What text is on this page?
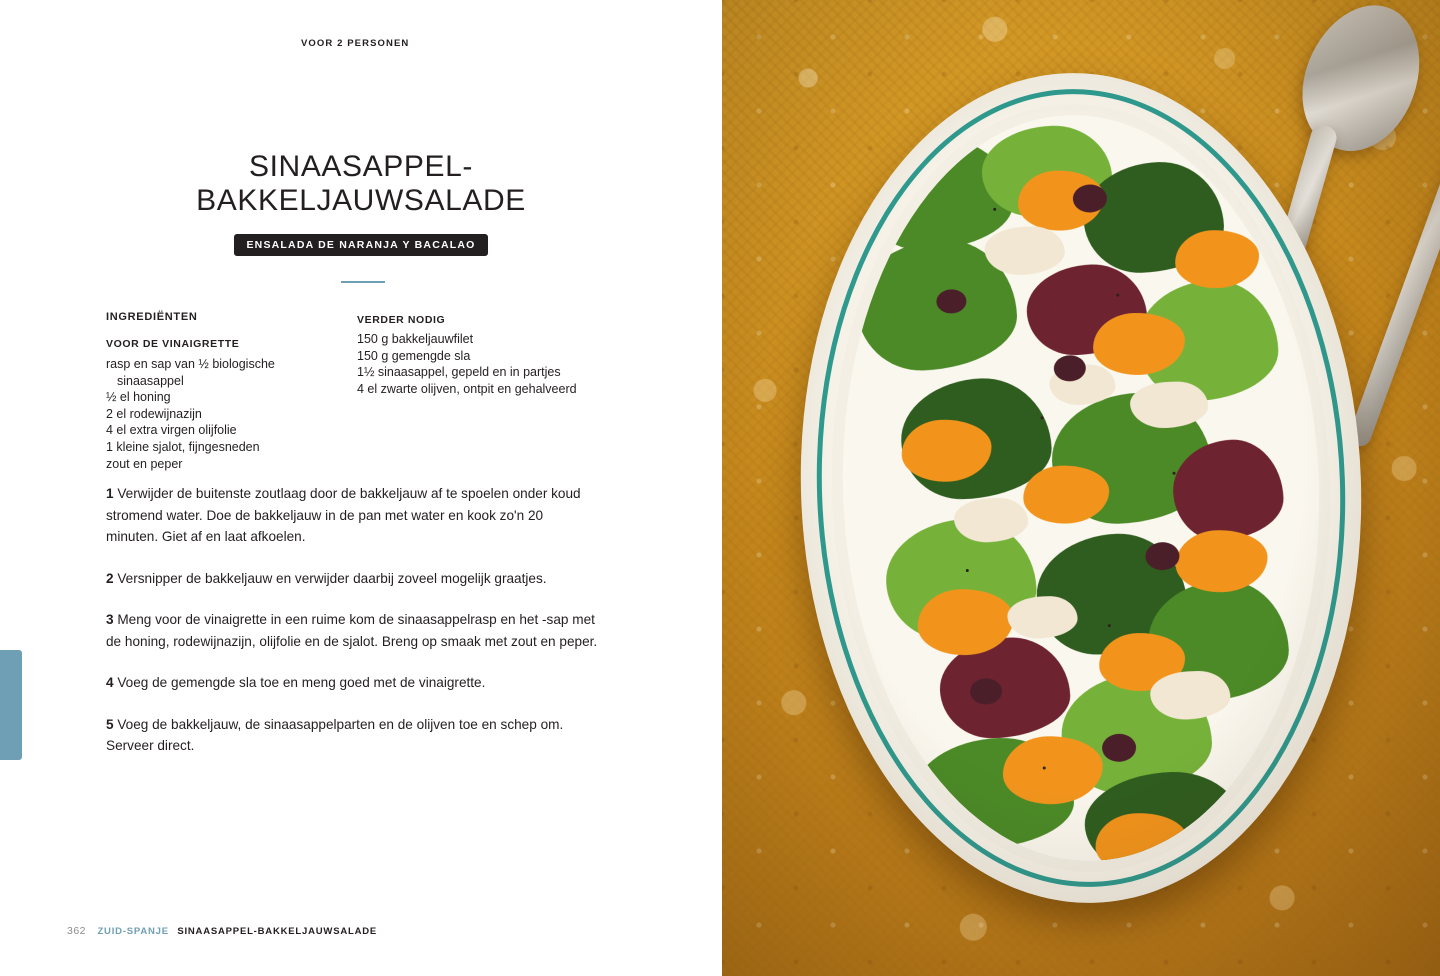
VOOR 2 PERSONEN
SINAASAPPEL-BAKKELJAUWSALADE
ENSALADA DE NARANJA Y BACALAO
INGREDIËNTEN
VOOR DE VINAIGRETTE
rasp en sap van ½ biologische
sinaasappel
½ el honing
2 el rodewijnazijn
4 el extra virgen olijfolie
1 kleine sjalot, fijngesneden
zout en peper
VERDER NODIG
150 g bakkeljauwfilet
150 g gemengde sla
1½ sinaasappel, gepeld en in partjes
4 el zwarte olijven, ontpit en gehalveerd

1 Verwijder de buitenste zoutlaag door de bakkeljauw af te spoelen onder koud stromend water. Doe de bakkeljauw in de pan met water en kook zo'n 20 minuten. Giet af en laat afkoelen.

2 Versnipper de bakkeljauw en verwijder daarbij zoveel mogelijk graatjes.

3 Meng voor de vinaigrette in een ruime kom de sinaasappelrasp en het -sap met de honing, rodewijnazijn, olijfolie en de sjalot. Breng op smaak met zout en peper.

4 Voeg de gemengde sla toe en meng goed met de vinaigrette.

5 Voeg de bakkeljauw, de sinaasappelparten en de olijven toe en schep om. Serveer direct.

362 ZUID-SPANJE SINAASAPPEL-BAKKELJAUWSALADE
